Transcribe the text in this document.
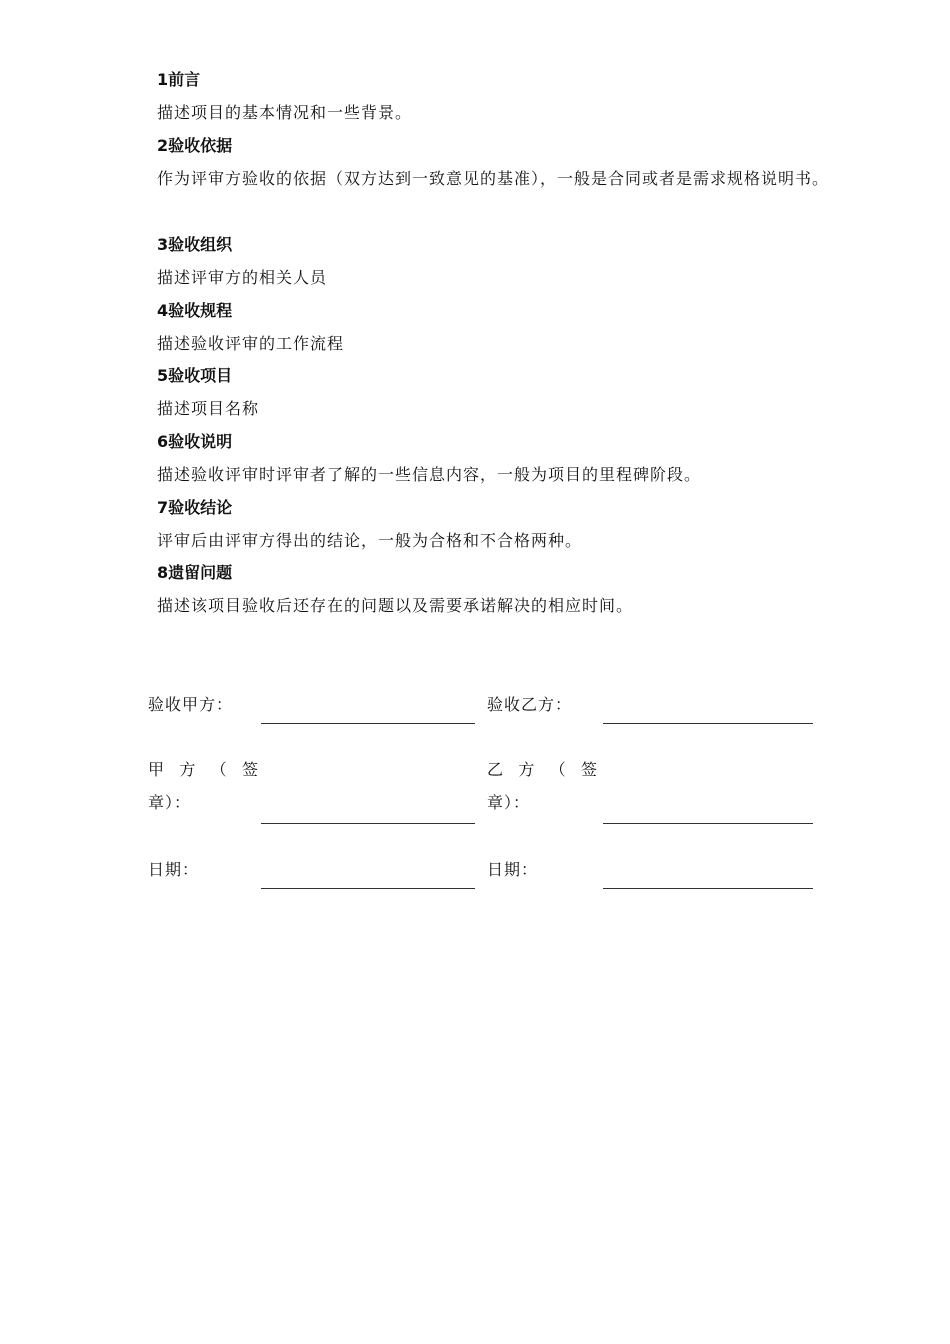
1前言
描述项目的基本情况和一些背景。
2验收依据
作为评审方验收的依据（双方达到一致意见的基准），一般是合同或者是需求规格说明书。
3验收组织
描述评审方的相关人员
4验收规程
描述验收评审的工作流程
5验收项目
描述项目名称
6验收说明
描述验收评审时评审者了解的一些信息内容，一般为项目的里程碑阶段。
7验收结论
评审后由评审方得出的结论，一般为合格和不合格两种。
8遗留问题
描述该项目验收后还存在的问题以及需要承诺解决的相应时间。
验收甲方：	验收乙方：
甲方（签
章）：
乙方（签
章）：
日期：	日期：
